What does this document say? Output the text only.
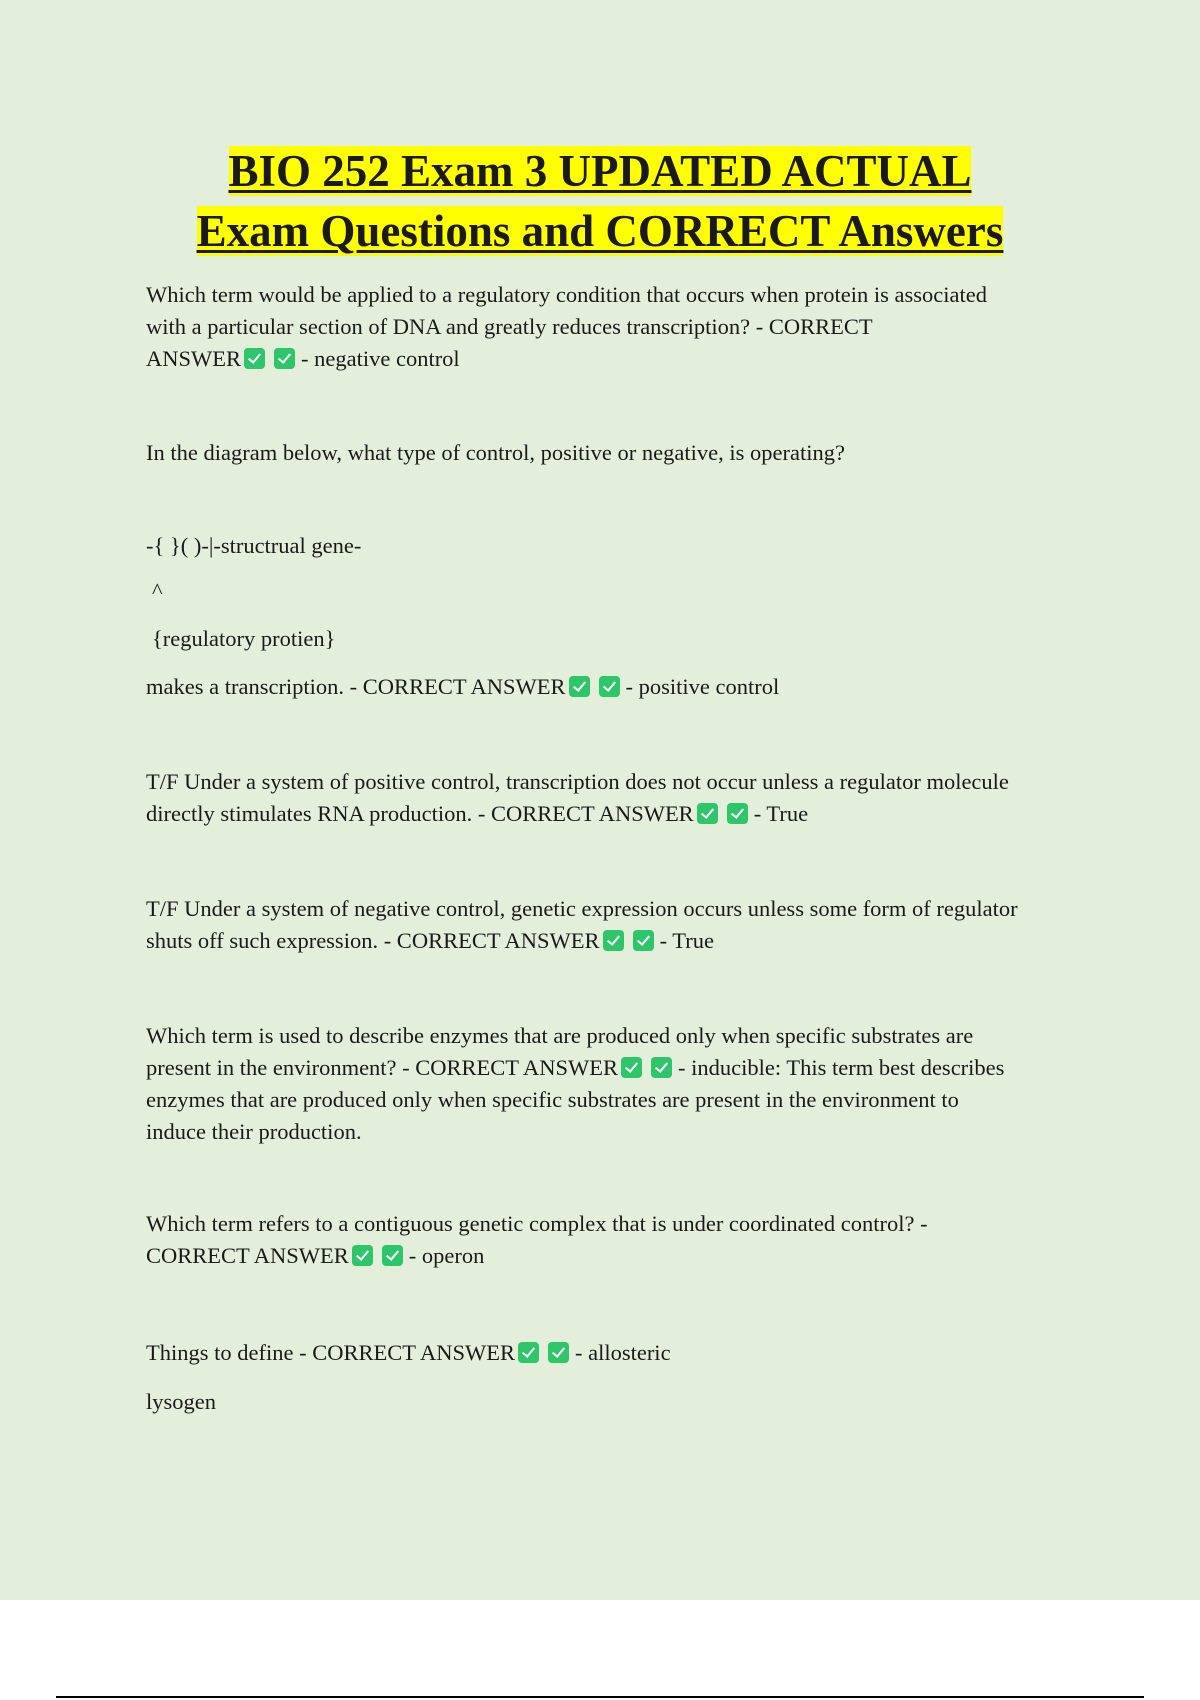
BIO 252 Exam 3 UPDATED ACTUAL
Exam Questions and CORRECT Answers
Which term would be applied to a regulatory condition that occurs when protein is associated
with a particular section of DNA and greatly reduces transcription? - CORRECT
ANSWER	- negative control
In the diagram below, what type of control, positive or negative, is operating?
-{ }( )-|-structrual gene-
^
{regulatory protien}
makes a transcription. - CORRECT ANSWER	- positive control
T/F Under a system of positive control, transcription does not occur unless a regulator molecule
directly stimulates RNA production. - CORRECT ANSWER	- True
T/F Under a system of negative control, genetic expression occurs unless some form of regulator
shuts off such expression. - CORRECT ANSWER	- True
Which term is used to describe enzymes that are produced only when specific substrates are
present in the environment? - CORRECT ANSWER	- inducible: This term best describes
enzymes that are produced only when specific substrates are present in the environment to
induce their production.
Which term refers to a contiguous genetic complex that is under coordinated control? -
CORRECT ANSWER	- operon
Things to define - CORRECT ANSWER	- allosteric
lysogen
